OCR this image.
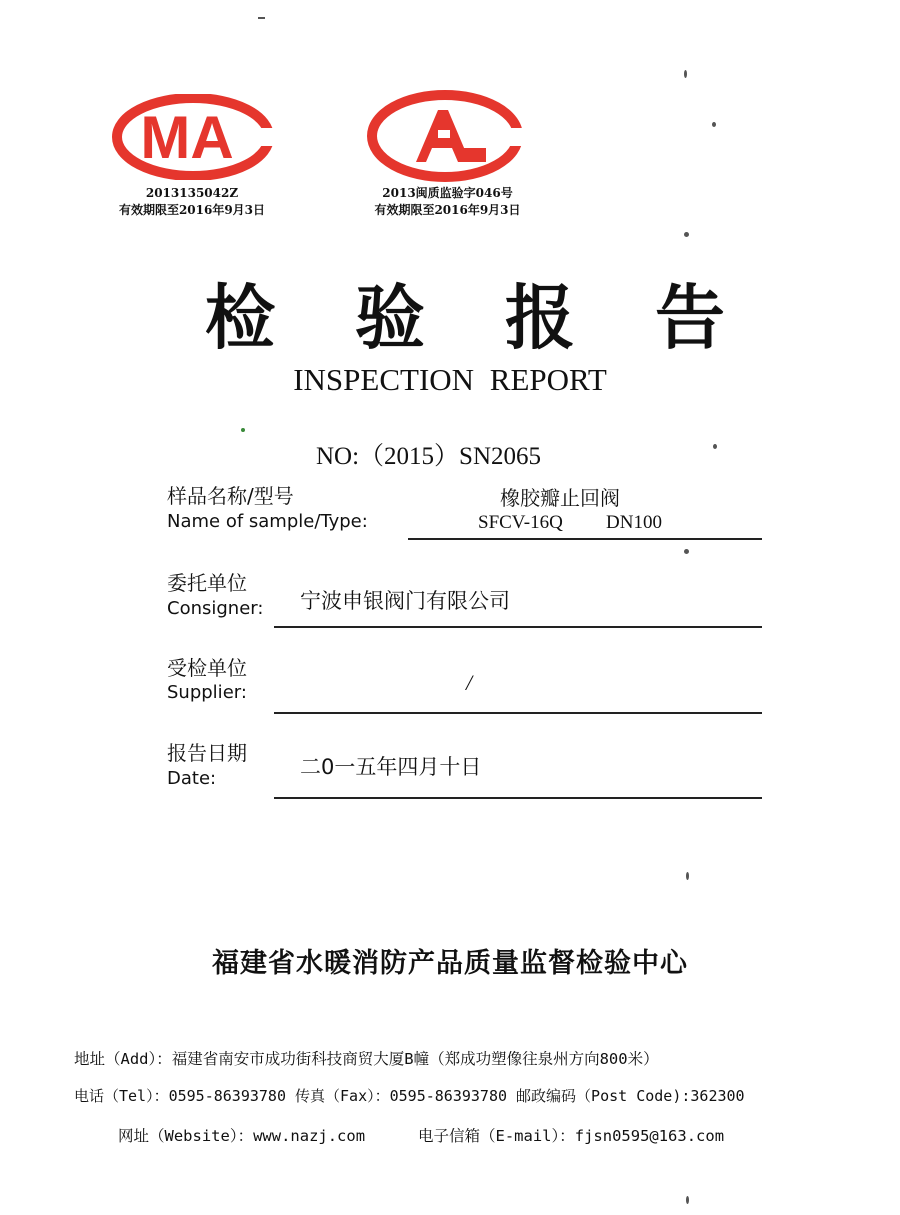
MA
2013135042Z
有效期限至2016年9月3日
2013闽质监验字046号
有效期限至2016年9月3日
检 验 报 告
INSPECTION REPORT
NO:（2015）SN2065
样品名称/型号
Name of sample/Type:
橡胶瓣止回阀
SFCV-16Q DN100
委托单位
Consigner: 宁波申银阀门有限公司
受检单位
Supplier:	/
报告日期
Date:	二0一五年四月十日
福建省水暖消防产品质量监督检验中心
地址（Add）：福建省南安市成功街科技商贸大厦B幢（郑成功塑像往泉州方向800米）
电话（Tel）：0595-86393780 传真（Fax）：0595-86393780 邮政编码（Post Code):362300
网址（Website）：www.nazj.com	电子信箱（E-mail）：fjsn0595@163.com
